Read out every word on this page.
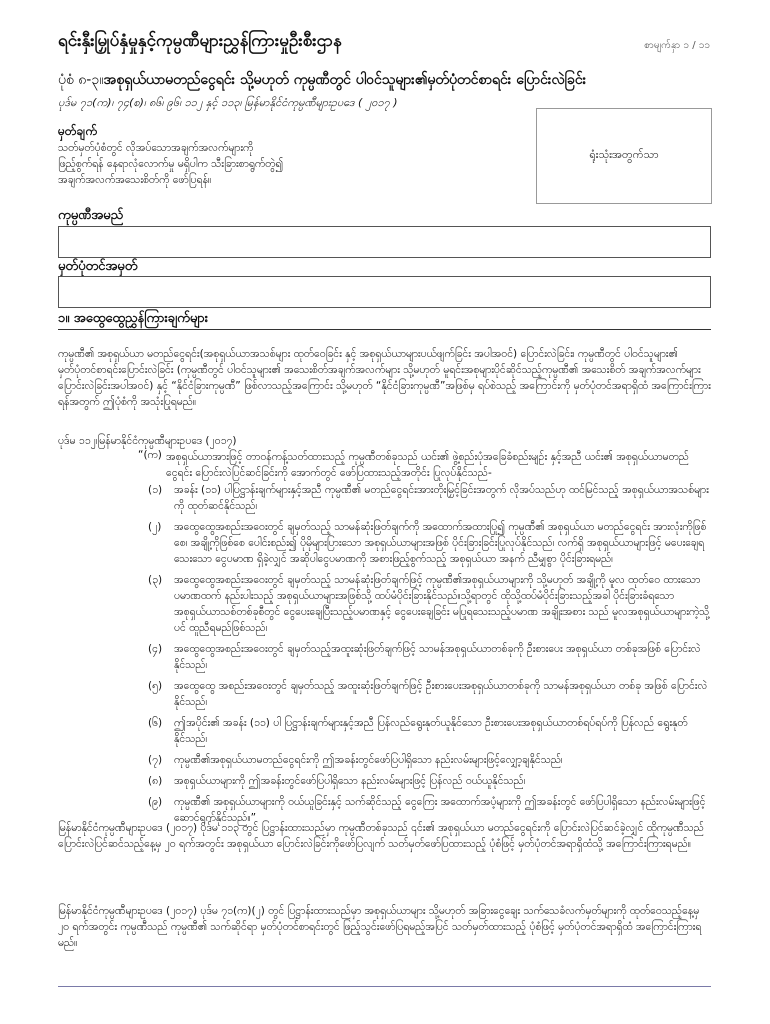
ရင်းနှီးမြှုပ်နှံမှုနှင့်ကုမ္ပဏီများညွှန်ကြားမှုဦးစီးဌာန	စာမျက်နှာ ၁ / ၁၁
ပုံစံ ၈-၃။အစုရှယ်ယာမတည်ငွေရင်း သို့မဟုတ် ကုမ္ပဏီတွင် ပါဝင်သူများ၏မှတ်ပုံတင်စာရင်း ပြောင်းလဲခြင်း
ပုဒ်မ ၇၁(က)၊ ၇၄(စ)၊ ၈၆၊ ၉၆၊ ၁၁၂ နှင့် ၁၁၃၊ မြန်မာနိုင်ငံကုမ္ပဏီများဥပဒေ ( ၂၀၁၇ )
မှတ်ချက်
သတ်မှတ်ပုံစံတွင် လိုအပ်သောအချက်အလက်များကို
ဖြည့်စွက်ရန် နေရာလုံလောက်မှု မရှိပါက သီးခြားစာရွက်တွဲ၍
အချက်အလက်အသေးစိတ်ကို ဖော်ပြရန်။
ရုံးသုံးအတွက်သာ
ကုမ္ပဏီအမည်
မှတ်ပုံတင်အမှတ်
၁။ အထွေထွေညွှန်ကြားချက်များ
ကုမ္ပဏီ၏ အစုရှယ်ယာ မတည်ငွေရင်း(အစုရှယ်ယာအသစ်များ ထုတ်ဝေခြင်း နှင့် အစုရှယ်ယာများပယ်ဖျက်ခြင်း အပါအဝင်) ပြောင်းလဲခြင်း၊ ကုမ္ပဏီတွင် ပါဝင်သူများ၏ မှတ်ပုံတင်စာရင်းပြောင်းလဲခြင်း (ကုမ္ပဏီတွင် ပါဝင်သူများ၏ အသေးစိတ်အချက်အလက်များ သို့မဟုတ် မူရင်းအစုများပိုင်ဆိုင်သည့်ကုမ္ပဏီ၏ အသေးစိတ် အချက်အလက်များပြောင်းလဲခြင်းအပါအဝင်) နှင့် “နိုင်ငံခြားကုမ္ပဏီ” ဖြစ်လာသည့်အကြောင်း သို့မဟုတ် “နိုင်ငံခြားကုမ္ပဏီ”အဖြစ်မှ ရပ်စဲသည့် အကြောင်းကို မှတ်ပုံတင်အရာရှိထံ အကြောင်းကြားရန်အတွက် ဤပုံစံကို အသုံးပြုရမည်။
ပုဒ်မ ၁၁၂၊မြန်မာနိုင်ငံကုမ္ပဏီများဥပဒေ (၂၀၁၇)
“(က) အစုရှယ်ယာအားဖြင့် တာဝန်ကန့်သတ်ထားသည့် ကုမ္ပဏီတစ်ခုသည် ယင်း၏ ဖွဲ့စည်းပုံအခြေခံစည်းမျဉ်း နှင့်အညီ ယင်း၏ အစုရှယ်ယာမတည်ငွေရင်း ပြောင်းလဲပြင်ဆင်ခြင်းကို အောက်တွင် ဖော်ပြထားသည့်အတိုင်း ပြုလုပ်နိုင်သည်-
(၁) အခန်း (၁၁) ပါပြဋ္ဌာန်းချက်များနှင့်အညီ ကုမ္ပဏီ၏ မတည်ငွေရင်းအားတိုးမြှင့်ခြင်းအတွက် လိုအပ်သည်ဟု ထင်မြင်သည့် အစုရှယ်ယာအသစ်များကို ထုတ်ဆင်နိုင်သည်၊
(၂) အထွေထွေအစည်းအဝေးတွင် ချမှတ်သည့် သာမန်ဆုံးဖြတ်ချက်ကို အထောက်အထားပြု၍ ကုမ္ပဏီ၏ အစုရှယ်ယာ မတည်ငွေရင်း အားလုံးကိုဖြစ်စေ၊ အချို့ကိုဖြစ်စေ ပေါင်းစည်း၍ ပိုမိုများပြားသော အစုရှယ်ယာများအဖြစ် ပိုင်းခြားခြင်းပြုလုပ်နိုင်သည်၊ လက်ရှိ အစုရှယ်ယာများဖြင့် မပေးချေရသေးသော ငွေပမာဏ ရှိခဲ့လျှင် အဆိုပါငွေပမာဏကို အစားဖြည့်စွက်သည့် အစုရှယ်ယာ အနက် ညီမျှစွာ ပိုင်းခြားရမည်၊
(၃) အထွေထွေအစည်းအဝေးတွင် ချမှတ်သည့် သာမန်ဆုံးဖြတ်ချက်ဖြင့် ကုမ္ပဏီ၏အစုရှယ်ယာများကို သို့မဟုတ် အချို့ကို မူလ ထုတ်ဝေ ထားသော ပမာဏထက် နည်းပါးသည့် အစုရှယ်ယာများအဖြစ်သို့ ထပ်မံပိုင်းခြားနိုင်သည်။သို့ရာတွင် ထိုသို့ထပ်မံပိုင်းခြားသည့်အခါ ပိုင်းခြားခံရသော အစုရှယ်ယာသစ်တစ်ခုစီတွင် ငွေပေးချေပြီးသည့်ပမာဏနှင့် ငွေပေးချေခြင်း မပြုရသေးသည့်ပမာဏ အချိုးအစား သည် မူလအစုရှယ်ယာများကဲ့သို့ပင် ထူညီရမည်ဖြစ်သည်၊
(၄) အထွေထွေအစည်းအဝေးတွင် ချမှတ်သည့်အထူးဆုံးဖြတ်ချက်ဖြင့် သာမန်အစုရှယ်ယာတစ်ခုကို ဦးစားပေး အစုရှယ်ယာ တစ်ခုအဖြစ် ပြောင်းလဲနိုင်သည်၊
(၅) အထွေထွေ အစည်းအဝေးတွင် ချမှတ်သည့် အထူးဆုံးဖြတ်ချက်ဖြင့် ဦးစားပေးအစုရှယ်ယာတစ်ခုကို သာမန်အစုရှယ်ယာ တစ်ခု အဖြစ် ပြောင်းလဲနိုင်သည်၊
(၆) ဤအပိုင်း၏ အခန်း (၁၁) ပါ ပြဋ္ဌာန်းချက်များနှင့်အညီ ပြန်လည်ရွေးနုတ်ယူနိုင်သော ဦးစားပေးအစုရှယ်ယာတစ်ရပ်ရပ်ကို ပြန်လည် ရွေးနုတ်နိုင်သည်၊
(၇) ကုမ္ပဏီ၏အစုရှယ်ယာမတည်ငွေရင်းကို ဤအခန်းတွင်ဖော်ပြပါရှိသော နည်းလမ်းများဖြင့်လျှော့ချနိုင်သည်၊
(၈) အစုရှယ်ယာများကို ဤအခန်းတွင်ဖော်ပြပါရှိသော နည်းလမ်းများဖြင့် ပြန်လည် ဝယ်ယူနိုင်သည်၊
(၉) ကုမ္ပဏီ၏ အစုရှယ်ယာများကို ဝယ်ယူခြင်းနှင့် သက်ဆိုင်သည့် ငွေကြေး အထောက်အပံ့များကို ဤအခန်းတွင် ဖော်ပြပါရှိသော နည်းလမ်းများဖြင့် ဆောင်ရွက်နိုင်သည်။”
မြန်မာနိုင်ငံကုမ္ပဏီများဥပဒေ (၂၀၁၇) ပုဒ်မ ၁၁၃ တွင် ပြဋ္ဌာန်းထားသည်မှာ ကုမ္ပဏီတစ်ခုသည် ၎င်း၏ အစုရှယ်ယာ မတည်ငွေရင်းကို ပြောင်းလဲပြင်ဆင်ခဲ့လျှင် ထိုကုမ္ပဏီသည် ပြောင်းလဲပြင်ဆင်သည့်နေ့မှ ၂၀ ရက်အတွင်း အစုရှယ်ယာ ပြောင်းလဲခြင်းကိုဖော်ပြလျက် သတ်မှတ်ဖော်ပြထားသည့် ပုံစံဖြင့် မှတ်ပုံတင်အရာရှိထံသို့ အကြောင်းကြားရမည်။
မြန်မာနိုင်ငံကုမ္ပဏီများဥပဒေ (၂၀၁၇) ပုဒ်မ ၇၁(က)(၂) တွင် ပြဋ္ဌာန်းထားသည်မှာ အစုရှယ်ယာများ သို့မဟုတ် အခြားငွေချေး သက်သေခံလက်မှတ်များကို ထုတ်ဝေသည့်နေ့မှ ၂၀ ရက်အတွင်း ကုမ္ပဏီသည် ကုမ္ပဏီ၏ သက်ဆိုင်ရာ မှတ်ပုံတင်စာရင်းတွင် ဖြည့်သွင်းဖော်ပြရမည့်အပြင် သတ်မှတ်ထားသည့် ပုံစံဖြင့် မှတ်ပုံတင်အရာရှိထံ အကြောင်းကြားရမည်။
